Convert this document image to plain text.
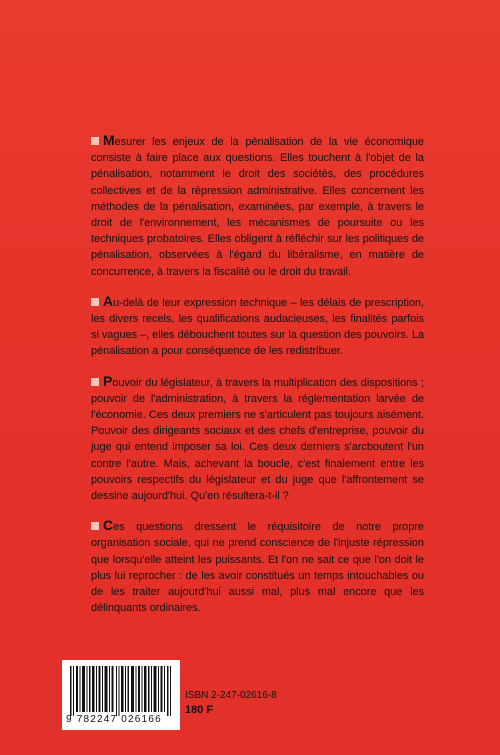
Mesurer les enjeux de la pénalisation de la vie économique consiste à faire place aux questions. Elles touchent à l'objet de la pénalisation, notamment le droit des sociétés, des procédures collectives et de la répression administrative. Elles concernent les méthodes de la pénalisation, examinées, par exemple, à travers le droit de l'environnement, les mécanismes de poursuite ou les techniques probatoires. Elles obligent à réfléchir sur les politiques de pénalisation, observées à l'égard du libéralisme, en matière de concurrence, à travers la fiscalité ou le droit du travail.

Au-delà de leur expression technique – les délais de prescription, les divers recels, les qualifications audacieuses, les finalités parfois si vagues –, elles débouchent toutes sur la question des pouvoirs. La pénalisation a pour conséquence de les redistribuer.

Pouvoir du législateur, à travers la multiplication des dispositions ; pouvoir de l'administration, à travers la réglementation larvée de l'économie. Ces deux premiers ne s'articulent pas toujours aisément. Pouvoir des dirigeants sociaux et des chefs d'entreprise, pouvoir du juge qui entend imposer sa loi. Ces deux derniers s'arcboutent l'un contre l'autre. Mais, achevant la boucle, c'est finalement entre les pouvoirs respectifs du législateur et du juge que l'affrontement se dessine aujourd'hui. Qu'en résultera-t-il ?

Ces questions dressent le réquisitoire de notre propre organisation sociale, qui ne prend conscience de l'injuste répression que lorsqu'elle atteint les puissants. Et l'on ne sait ce que l'on doit le plus lui reprocher : de les avoir constitués un temps intouchables ou de les traiter aujourd'hui aussi mal, plus mal encore que les délinquants ordinaires.

9 782247 026166
ISBN 2-247-02616-8
180 F
